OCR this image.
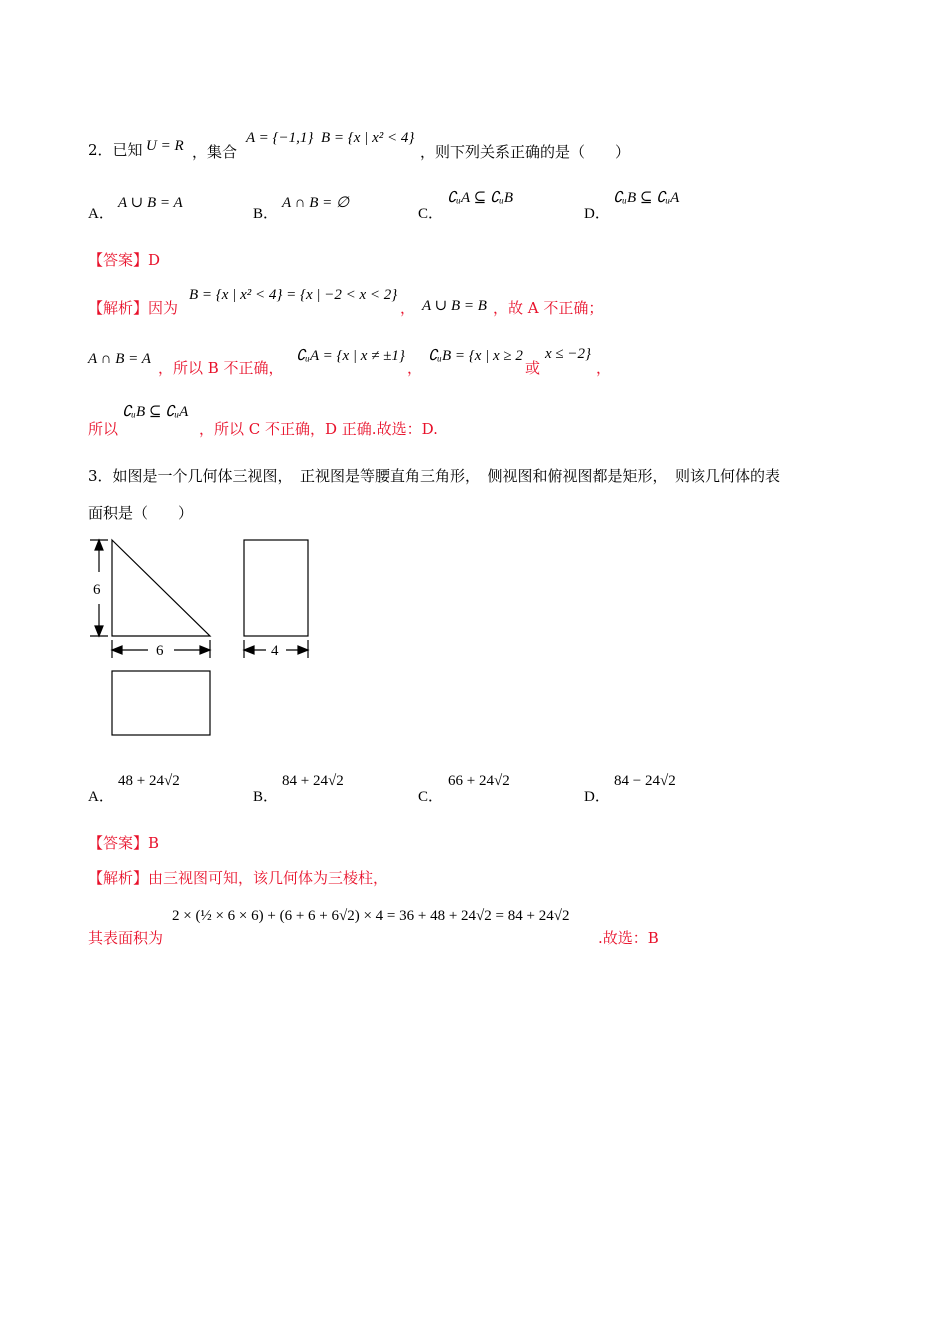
2．已知 U = R ，集合
A = {−1,1} B = {x | x² < 4}
，则下列关系正确的是（　　）
A．
A ∪ B = A
B．
A ∩ B = ∅
C．
∁ᵤA ⊆ ∁ᵤB
D．
∁ᵤB ⊆ ∁ᵤA
【答案】D
【解析】因为
B = {x | x² < 4} = {x | −2 < x < 2}
， A ∪ B = B ，故 A 不正确；
A ∩ B = A ，所以 B 不正确，
∁ᵤA = {x | x ≠ ±1}
，
∁ᵤB = {x | x ≥ 2
或
x ≤ −2}
，
所以
∁ᵤB ⊆ ∁ᵤA
，所以 C 不正确，D 正确.故选：D.
3．如图是一个几何体三视图，　正视图是等腰直角三角形，　侧视图和俯视图都是矩形，　则该几何体的表
面积是（　　）
6
6	4
A．
48 + 24√2
B．
84 + 24√2
C．
66 + 24√2
D．
84 − 24√2
【答案】B
【解析】由三视图可知，该几何体为三棱柱，
其表面积为
2 × (½ × 6 × 6) + (6 + 6 + 6√2) × 4 = 36 + 48 + 24√2 = 84 + 24√2
.故选：B
